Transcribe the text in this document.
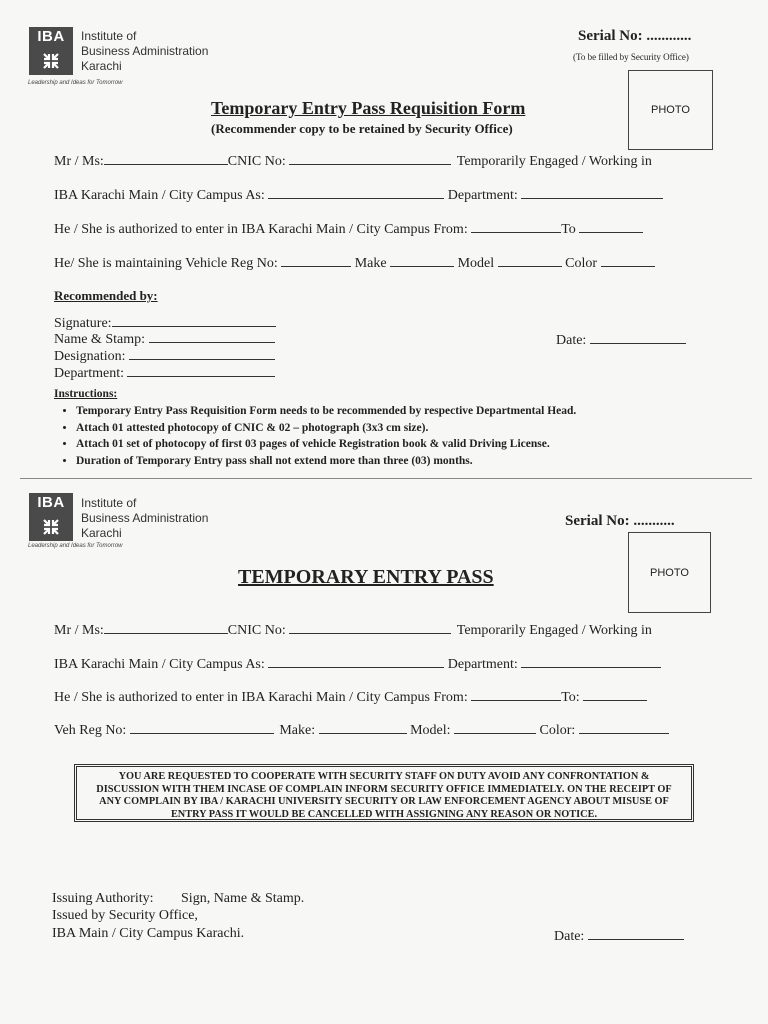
IBA Institute of
Business Administration
Karachi
Leadership and Ideas for Tomorrow
Serial No: ............
(To be filled by Security Office)
PHOTO
Temporary Entry Pass Requisition Form
(Recommender copy to be retained by Security Office)
Mr / Ms:	CNIC No:	Temporarily Engaged / Working in
IBA Karachi Main / City Campus As:	Department:
He / She is authorized to enter in IBA Karachi Main / City Campus From:	To
He/ She is maintaining Vehicle Reg No:	Make	Model	Color
Recommended by:
Signature:
Name & Stamp:
Designation:
Department:
Date:
Instructions:
• Temporary Entry Pass Requisition Form needs to be recommended by respective Departmental Head.
• Attach 01 attested photocopy of CNIC & 02 – photograph (3x3 cm size).
• Attach 01 set of photocopy of first 03 pages of vehicle Registration book & valid Driving License.
• Duration of Temporary Entry pass shall not extend more than three (03) months.
IBA Institute of
Business Administration
Karachi
Leadership and Ideas for Tomorrow
Serial No: ...........
PHOTO
TEMPORARY ENTRY PASS
Mr / Ms:	CNIC No:	Temporarily Engaged / Working in
IBA Karachi Main / City Campus As:	Department:
He / She is authorized to enter in IBA Karachi Main / City Campus From:	To:
Veh Reg No:	Make:	Model:	Color:
YOU ARE REQUESTED TO COOPERATE WITH SECURITY STAFF ON DUTY AVOID ANY CONFRONTATION & DISCUSSION WITH THEM INCASE OF COMPLAIN INFORM SECURITY OFFICE IMMEDIATELY. ON THE RECEIPT OF ANY COMPLAIN BY IBA / KARACHI UNIVERSITY SECURITY OR LAW ENFORCEMENT AGENCY ABOUT MISUSE OF ENTRY PASS IT WOULD BE CANCELLED WITH ASSIGNING ANY REASON OR NOTICE.
Issuing Authority: Sign, Name & Stamp.
Issued by Security Office,
IBA Main / City Campus Karachi.	Date:
